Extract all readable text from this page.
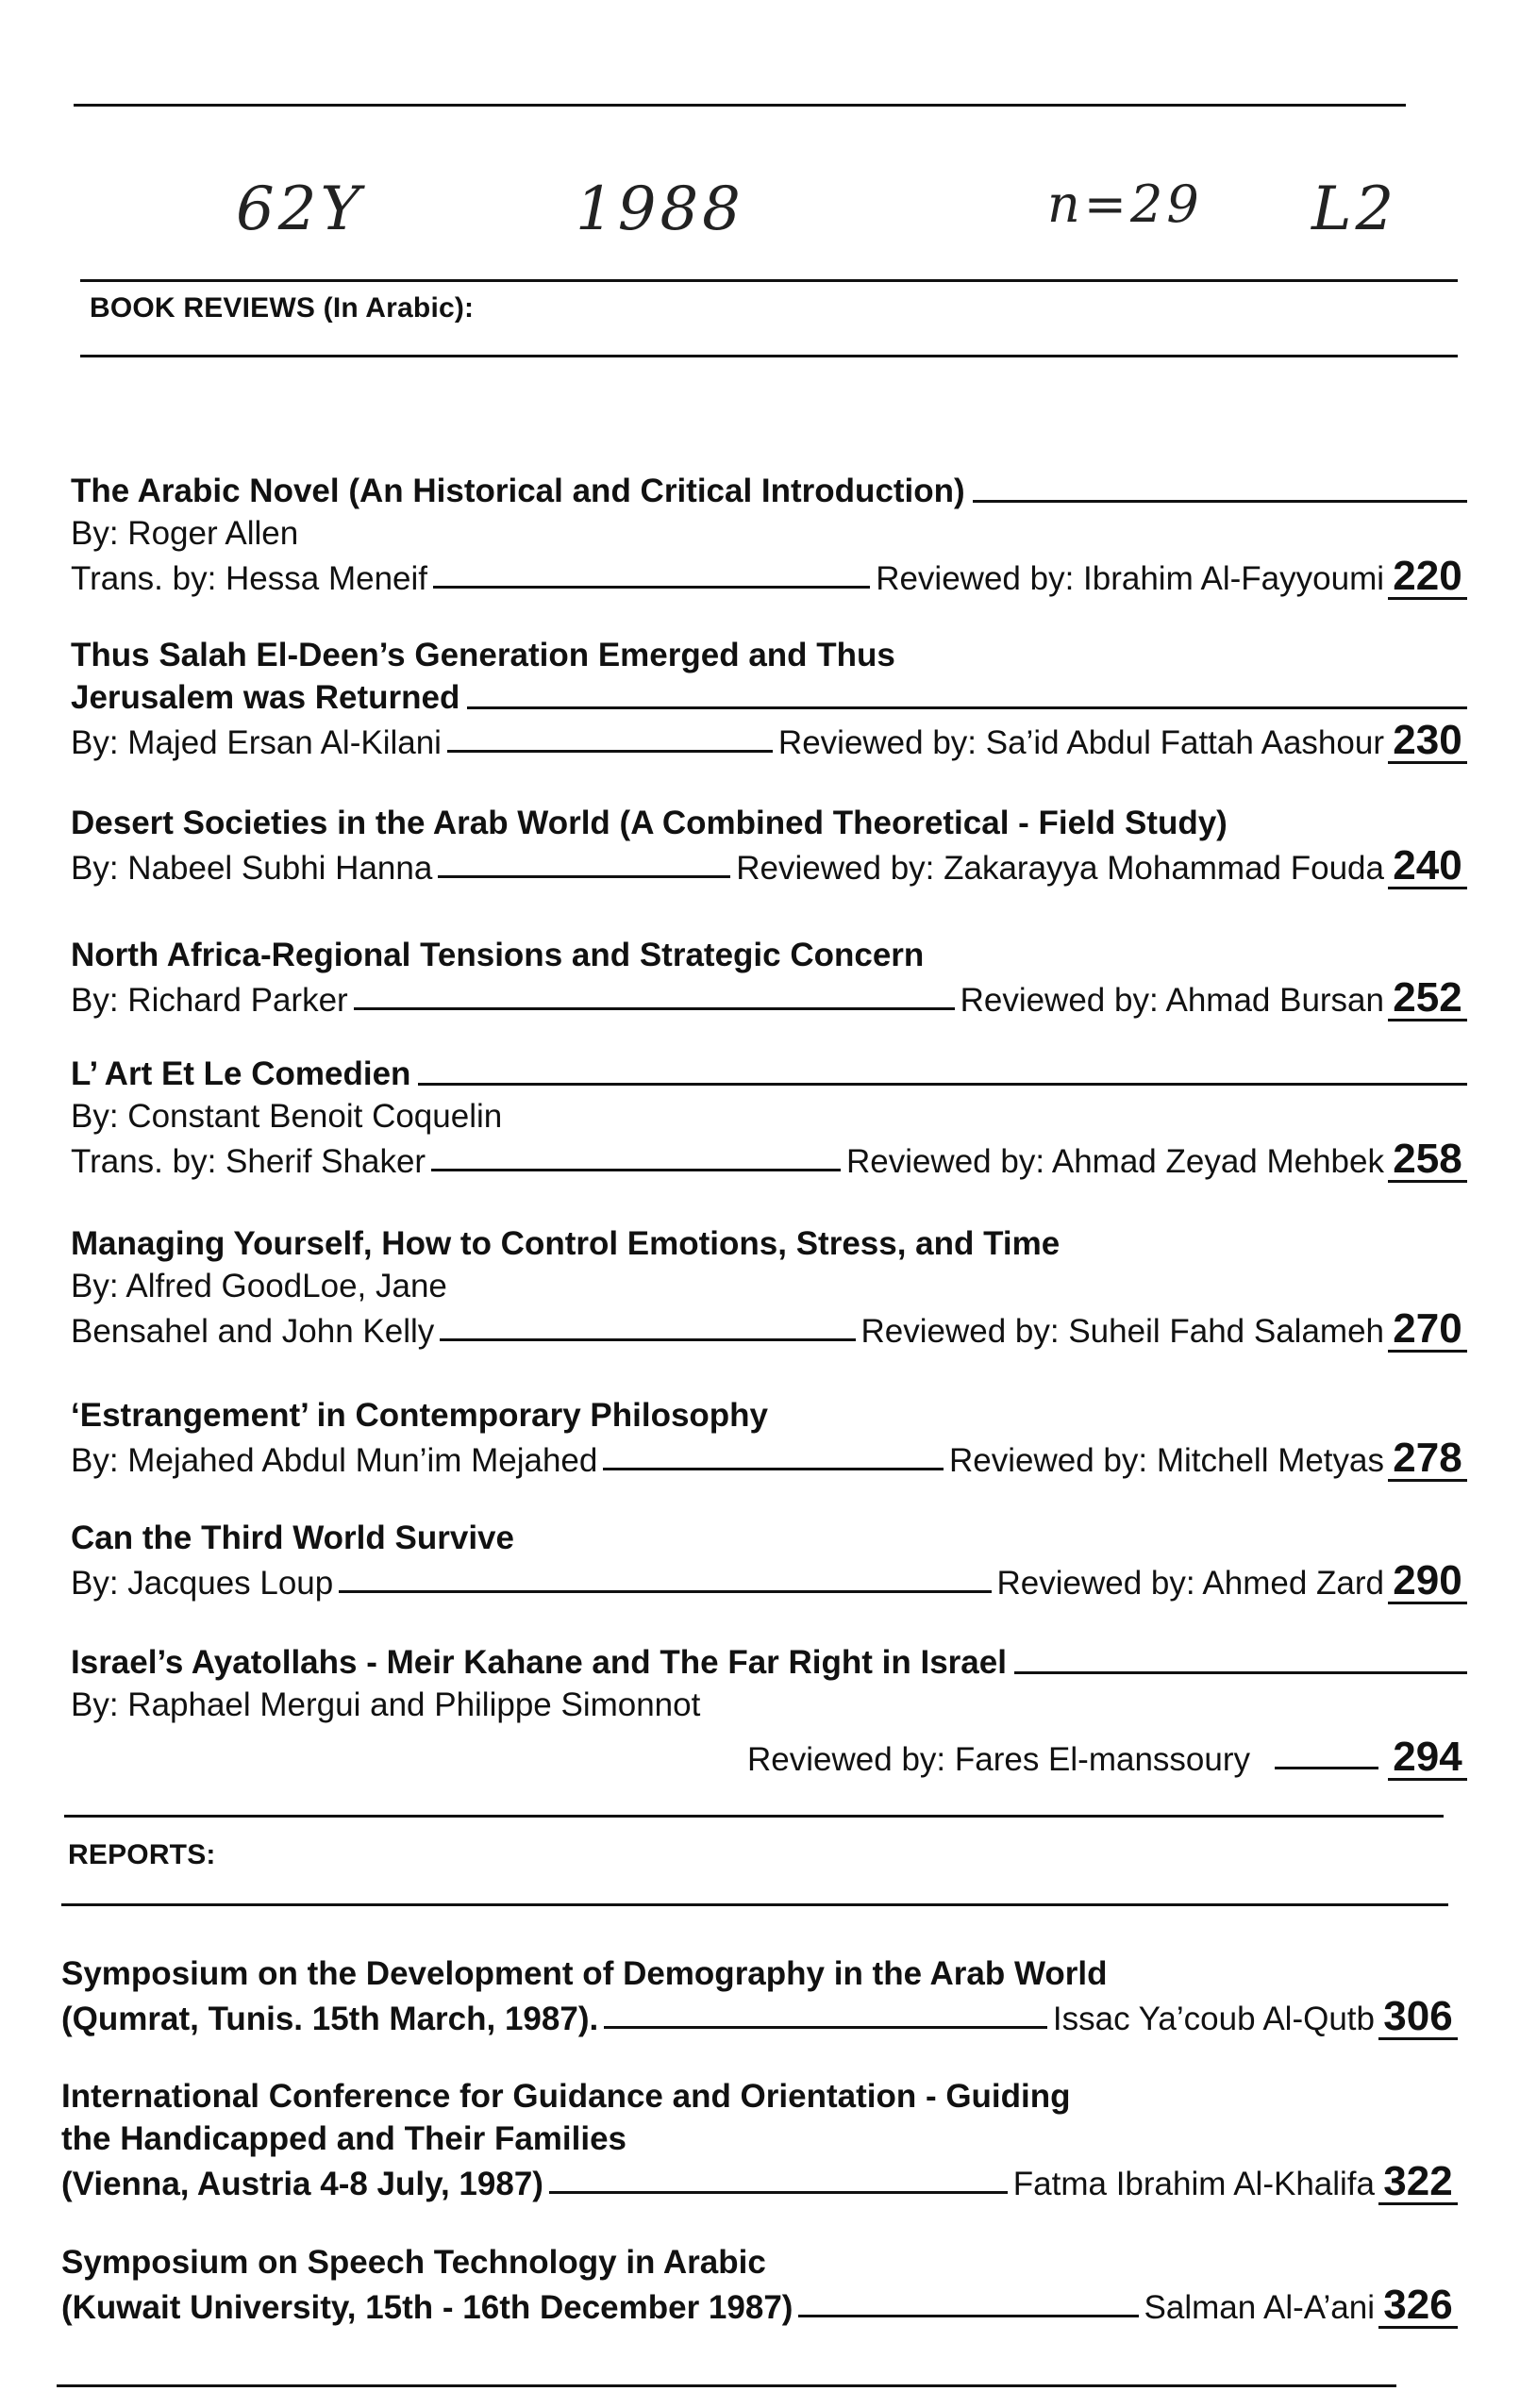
62Y	1988	n=29 L2
BOOK REVIEWS (In Arabic):
The Arabic Novel (An Historical and Critical Introduction)
By: Roger Allen
Trans. by: Hessa Meneif	Reviewed by: Ibrahim Al-Fayyoumi 220
Thus Salah El-Deen’s Generation Emerged and Thus
Jerusalem was Returned
By: Majed Ersan Al-Kilani	Reviewed by: Sa’id Abdul Fattah Aashour 230
Desert Societies in the Arab World (A Combined Theoretical - Field Study)
By: Nabeel Subhi Hanna	Reviewed by: Zakarayya Mohammad Fouda 240
North Africa-Regional Tensions and Strategic Concern
By: Richard Parker	Reviewed by: Ahmad Bursan 252
L’ Art Et Le Comedien
By: Constant Benoit Coquelin
Trans. by: Sherif Shaker	Reviewed by: Ahmad Zeyad Mehbek 258
Managing Yourself, How to Control Emotions, Stress, and Time
By: Alfred GoodLoe, Jane
Bensahel and John Kelly	Reviewed by: Suheil Fahd Salameh 270
‘Estrangement’ in Contemporary Philosophy
By: Mejahed Abdul Mun’im Mejahed	Reviewed by: Mitchell Metyas 278
Can the Third World Survive
By: Jacques Loup	Reviewed by: Ahmed Zard 290
Israel’s Ayatollahs - Meir Kahane and The Far Right in Israel
By: Raphael Mergui and Philippe Simonnot
Reviewed by: Fares El-manssoury	294
REPORTS:
Symposium on the Development of Demography in the Arab World
(Qumrat, Tunis. 15th March, 1987).	Issac Ya’coub Al-Qutb 306
International Conference for Guidance and Orientation - Guiding
the Handicapped and Their Families
(Vienna, Austria 4-8 July, 1987)	Fatma Ibrahim Al-Khalifa 322
Symposium on Speech Technology in Arabic
(Kuwait University, 15th - 16th December 1987)	Salman Al-A’ani 326
